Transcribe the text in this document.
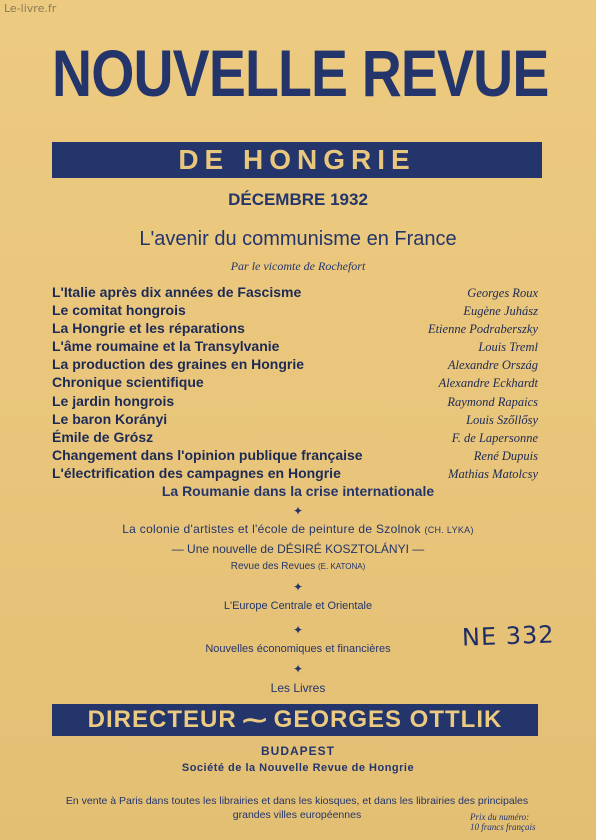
Le-livre.fr
NOUVELLE REVUE
DE HONGRIE
DÉCEMBRE 1932
L'avenir du communisme en France
Par le vicomte de Rochefort
L'Italie après dix années de Fascisme	Georges Roux
Le comitat hongrois	Eugène Juhász
La Hongrie et les réparations	Etienne Podraberszky
L'âme roumaine et la Transylvanie	Louis Treml
La production des graines en Hongrie	Alexandre Ország
Chronique scientifique	Alexandre Eckhardt
Le jardin hongrois	Raymond Rapaics
Le baron Korányi	Louis Szőllősy
Émile de Grósz	F. de Lapersonne
Changement dans l'opinion publique française	René Dupuis
L'électrification des campagnes en Hongrie	Mathias Matolcsy
La Roumanie dans la crise internationale
✦
La colonie d'artistes et l'école de peinture de Szolnok (CH. LYKA)
— Une nouvelle de DÉSIRÉ KOSZTOLÁNYI —
Revue des Revues (E. KATONA)
✦
L'Europe Centrale et Orientale
✦
Nouvelles économiques et financières
✦
Les Livres
NE 332
DIRECTEUR ⁓ GEORGES OTTLIK
BUDAPEST
Société de la Nouvelle Revue de Hongrie
En vente à Paris dans toutes les librairies et dans les kiosques, et dans les librairies des principales grandes villes européennes	Prix du numéro:
10 francs français
